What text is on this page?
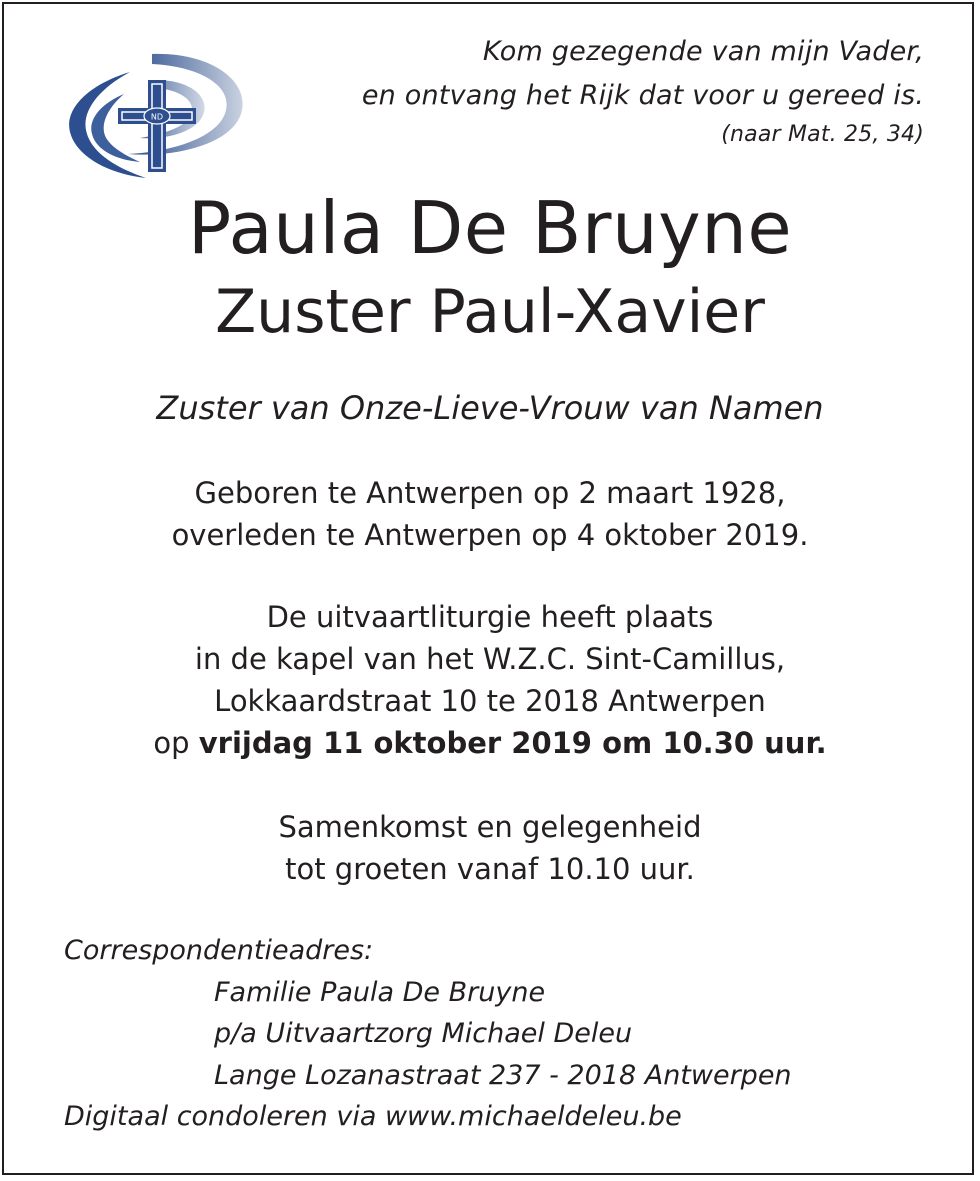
ND
Kom gezegende van mijn Vader,
en ontvang het Rijk dat voor u gereed is.
(naar Mat. 25, 34)
Paula De Bruyne
Zuster Paul-Xavier
Zuster van Onze-Lieve-Vrouw van Namen
Geboren te Antwerpen op 2 maart 1928,
overleden te Antwerpen op 4 oktober 2019.
De uitvaartliturgie heeft plaats
in de kapel van het W.Z.C. Sint-Camillus,
Lokkaardstraat 10 te 2018 Antwerpen
op vrijdag 11 oktober 2019 om 10.30 uur.
Samenkomst en gelegenheid
tot groeten vanaf 10.10 uur.
Correspondentieadres:
Familie Paula De Bruyne
p/a Uitvaartzorg Michael Deleu
Lange Lozanastraat 237 - 2018 Antwerpen
Digitaal condoleren via www.michaeldeleu.be
